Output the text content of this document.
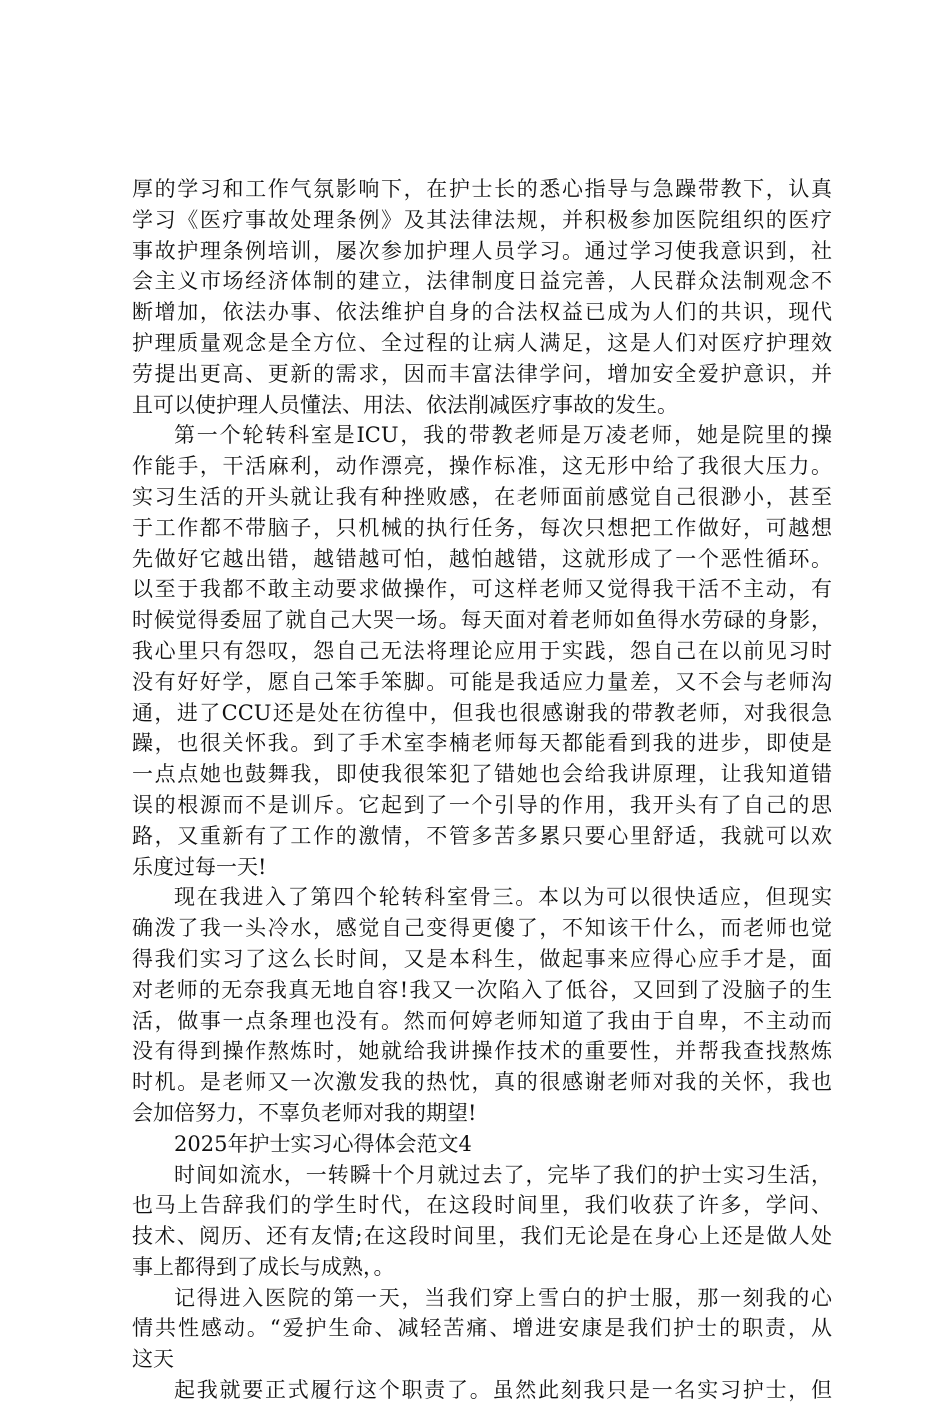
厚的学习和工作气氛影响下，在护士长的悉心指导与急躁带教下，认真
学习《医疗事故处理条例》及其法律法规，并积极参加医院组织的医疗
事故护理条例培训，屡次参加护理人员学习。通过学习使我意识到，社
会主义市场经济体制的建立，法律制度日益完善，人民群众法制观念不
断增加，依法办事、依法维护自身的合法权益已成为人们的共识，现代
护理质量观念是全方位、全过程的让病人满足，这是人们对医疗护理效
劳提出更高、更新的需求，因而丰富法律学问，增加安全爱护意识，并
且可以使护理人员懂法、用法、依法削减医疗事故的发生。
第一个轮转科室是ICU，我的带教老师是万凌老师，她是院里的操
作能手，干活麻利，动作漂亮，操作标准，这无形中给了我很大压力。
实习生活的开头就让我有种挫败感，在老师面前感觉自己很渺小，甚至
于工作都不带脑子，只机械的执行任务，每次只想把工作做好，可越想
先做好它越出错，越错越可怕，越怕越错，这就形成了一个恶性循环。
以至于我都不敢主动要求做操作，可这样老师又觉得我干活不主动，有
时候觉得委屈了就自己大哭一场。每天面对着老师如鱼得水劳碌的身影，
我心里只有怨叹，怨自己无法将理论应用于实践，怨自己在以前见习时
没有好好学，愿自己笨手笨脚。可能是我适应力量差，又不会与老师沟
通，进了CCU还是处在彷徨中，但我也很感谢我的带教老师，对我很急
躁，也很关怀我。到了手术室李楠老师每天都能看到我的进步，即使是
一点点她也鼓舞我，即使我很笨犯了错她也会给我讲原理，让我知道错
误的根源而不是训斥。它起到了一个引导的作用，我开头有了自己的思
路，又重新有了工作的激情，不管多苦多累只要心里舒适，我就可以欢
乐度过每一天!
现在我进入了第四个轮转科室骨三。本以为可以很快适应，但现实
确泼了我一头冷水，感觉自己变得更傻了，不知该干什么，而老师也觉
得我们实习了这么长时间，又是本科生，做起事来应得心应手才是，面
对老师的无奈我真无地自容!我又一次陷入了低谷，又回到了没脑子的生
活，做事一点条理也没有。然而何婷老师知道了我由于自卑，不主动而
没有得到操作熬炼时，她就给我讲操作技术的重要性，并帮我查找熬炼
时机。是老师又一次激发我的热忱，真的很感谢老师对我的关怀，我也
会加倍努力，不辜负老师对我的期望!
2025年护士实习心得体会范文4
时间如流水，一转瞬十个月就过去了，完毕了我们的护士实习生活，
也马上告辞我们的学生时代，在这段时间里，我们收获了许多，学问、
技术、阅历、还有友情;在这段时间里，我们无论是在身心上还是做人处
事上都得到了成长与成熟，。
记得进入医院的第一天，当我们穿上雪白的护士服，那一刻我的心
情共性感动。“爱护生命、减轻苦痛、增进安康是我们护士的职责，从
这天
起我就要正式履行这个职责了。虽然此刻我只是一名实习护士，但
